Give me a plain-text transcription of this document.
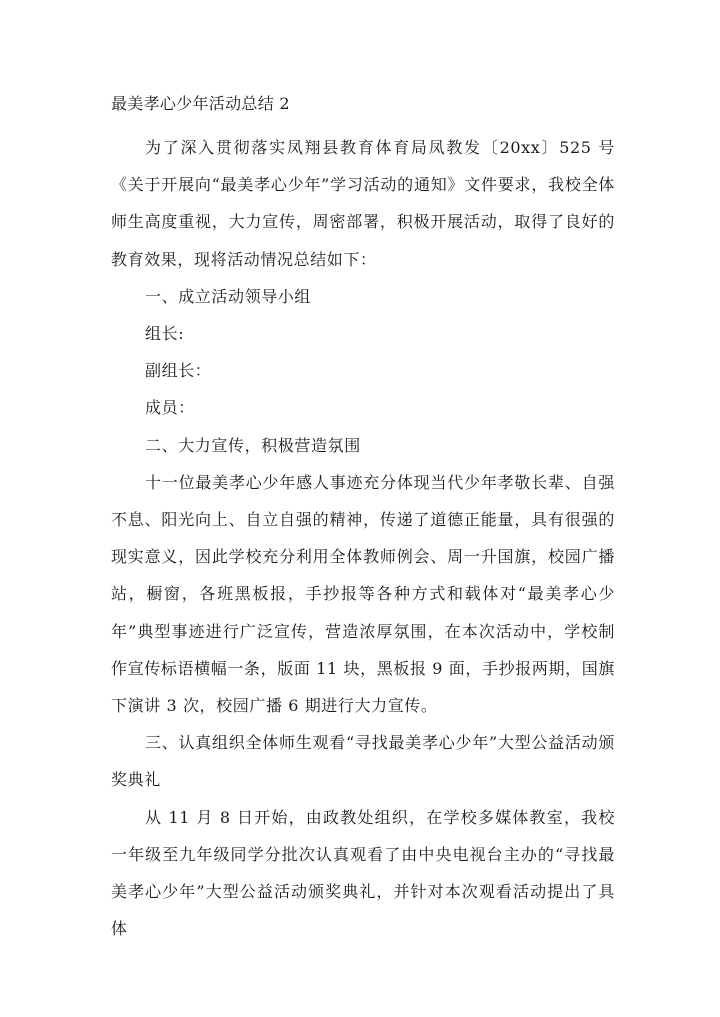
最美孝心少年活动总结 2

为了深入贯彻落实凤翔县教育体育局凤教发〔20xx〕525 号《关于开展向“最美孝心少年”学习活动的通知》文件要求，我校全体师生高度重视，大力宣传，周密部署，积极开展活动，取得了良好的教育效果，现将活动情况总结如下：

一、成立活动领导小组

组长:

副组长：

成员：

二、大力宣传，积极营造氛围

十一位最美孝心少年感人事迹充分体现当代少年孝敬长辈、自强不息、阳光向上、自立自强的精神，传递了道德正能量，具有很强的现实意义，因此学校充分利用全体教师例会、周一升国旗，校园广播站，橱窗，各班黑板报，手抄报等各种方式和载体对“最美孝心少年”典型事迹进行广泛宣传，营造浓厚氛围，在本次活动中，学校制作宣传标语横幅一条，版面 11 块，黑板报 9 面，手抄报两期，国旗下演讲 3 次，校园广播 6 期进行大力宣传。

三、认真组织全体师生观看“寻找最美孝心少年”大型公益活动颁奖典礼

从 11 月 8 日开始，由政教处组织，在学校多媒体教室，我校一年级至九年级同学分批次认真观看了由中央电视台主办的“寻找最美孝心少年”大型公益活动颁奖典礼，并针对本次观看活动提出了具体
